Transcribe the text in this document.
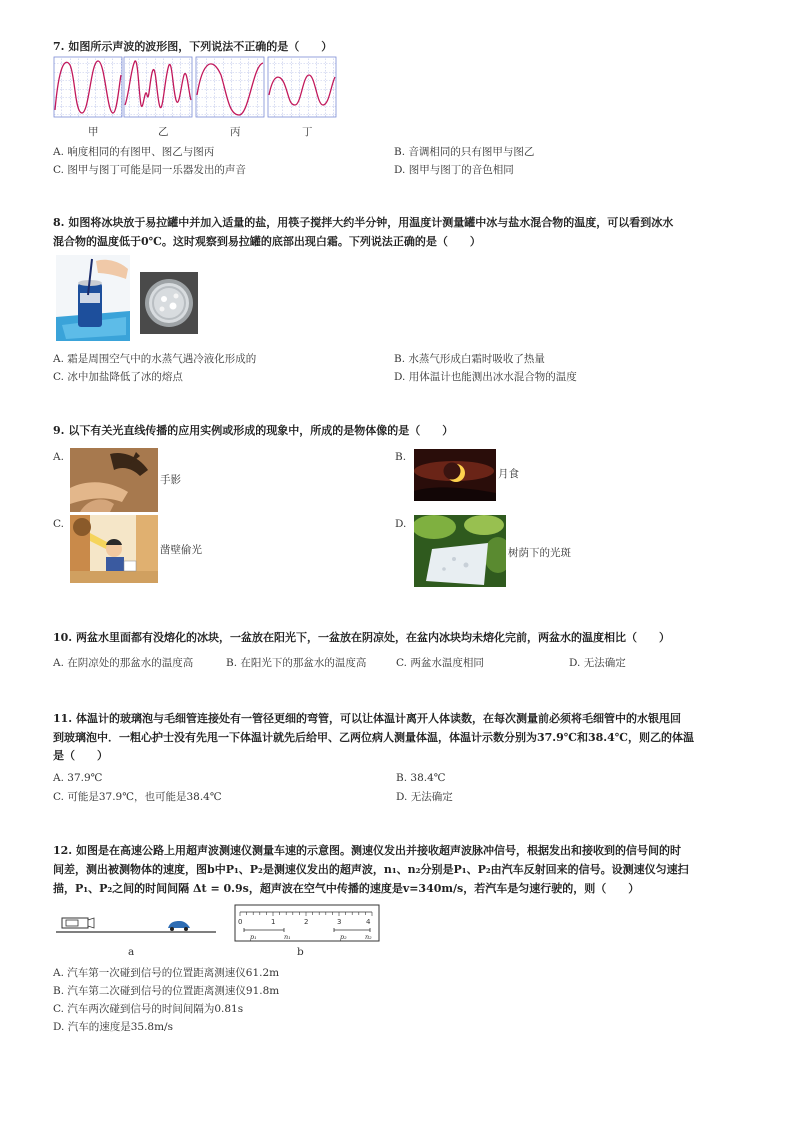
7. 如图所示声波的波形图，下列说法不正确的是（　　）
甲	乙	丙	丁
A. 响度相同的有图甲、图乙与图丙	B. 音调相同的只有图甲与图乙
C. 图甲与图丁可能是同一乐器发出的声音	D. 图甲与图丁的音色相同
8. 如图将冰块放于易拉罐中并加入适量的盐，用筷子搅拌大约半分钟，用温度计测量罐中冰与盐水混合物的温度，可以看到冰水
混合物的温度低于0℃。这时观察到易拉罐的底部出现白霜。下列说法正确的是（　　）
A. 霜是周围空气中的水蒸气遇冷液化形成的	B. 水蒸气形成白霜时吸收了热量
C. 冰中加盐降低了冰的熔点	D. 用体温计也能测出冰水混合物的温度
9. 以下有关光直线传播的应用实例或形成的现象中，所成的是物体像的是（　　）
A.
手影
B.
月食
C.
凿壁偷光
D.
树荫下的光斑
10. 两盆水里面都有没熔化的冰块，一盆放在阳光下，一盆放在阴凉处，在盆内冰块均未熔化完前，两盆水的温度相比（　　）
A. 在阴凉处的那盆水的温度高	B. 在阳光下的那盆水的温度高	C. 两盆水温度相同	D. 无法确定
11. 体温计的玻璃泡与毛细管连接处有一管径更细的弯管，可以让体温计离开人体读数，在每次测量前必须将毛细管中的水银甩回
到玻璃泡中．一粗心护士没有先甩一下体温计就先后给甲、乙两位病人测量体温，体温计示数分别为37.9℃和38.4℃，则乙的体温
是（　　）
A. 37.9℃	B. 38.4℃
C. 可能是37.9℃，也可能是38.4℃	D. 无法确定
12. 如图是在高速公路上用超声波测速仪测量车速的示意图。测速仪发出并接收超声波脉冲信号，根据发出和接收到的信号间的时
间差，测出被测物体的速度，图b中P₁、P₂是测速仪发出的超声波，n₁、n₂分别是P₁、P₂由汽车反射回来的信号。设测速仪匀速扫
描，P₁、P₂之间的时间间隔 Δt = 0.9s，超声波在空气中传播的速度是v=340m/s，若汽车是匀速行驶的，则（　　）
a
0	1	2	3	4
p₁	n₁	p₂	n₂
b
A. 汽车第一次碰到信号的位置距离测速仪61.2m
B. 汽车第二次碰到信号的位置距离测速仪91.8m
C. 汽车两次碰到信号的时间间隔为0.81s
D. 汽车的速度是35.8m/s
